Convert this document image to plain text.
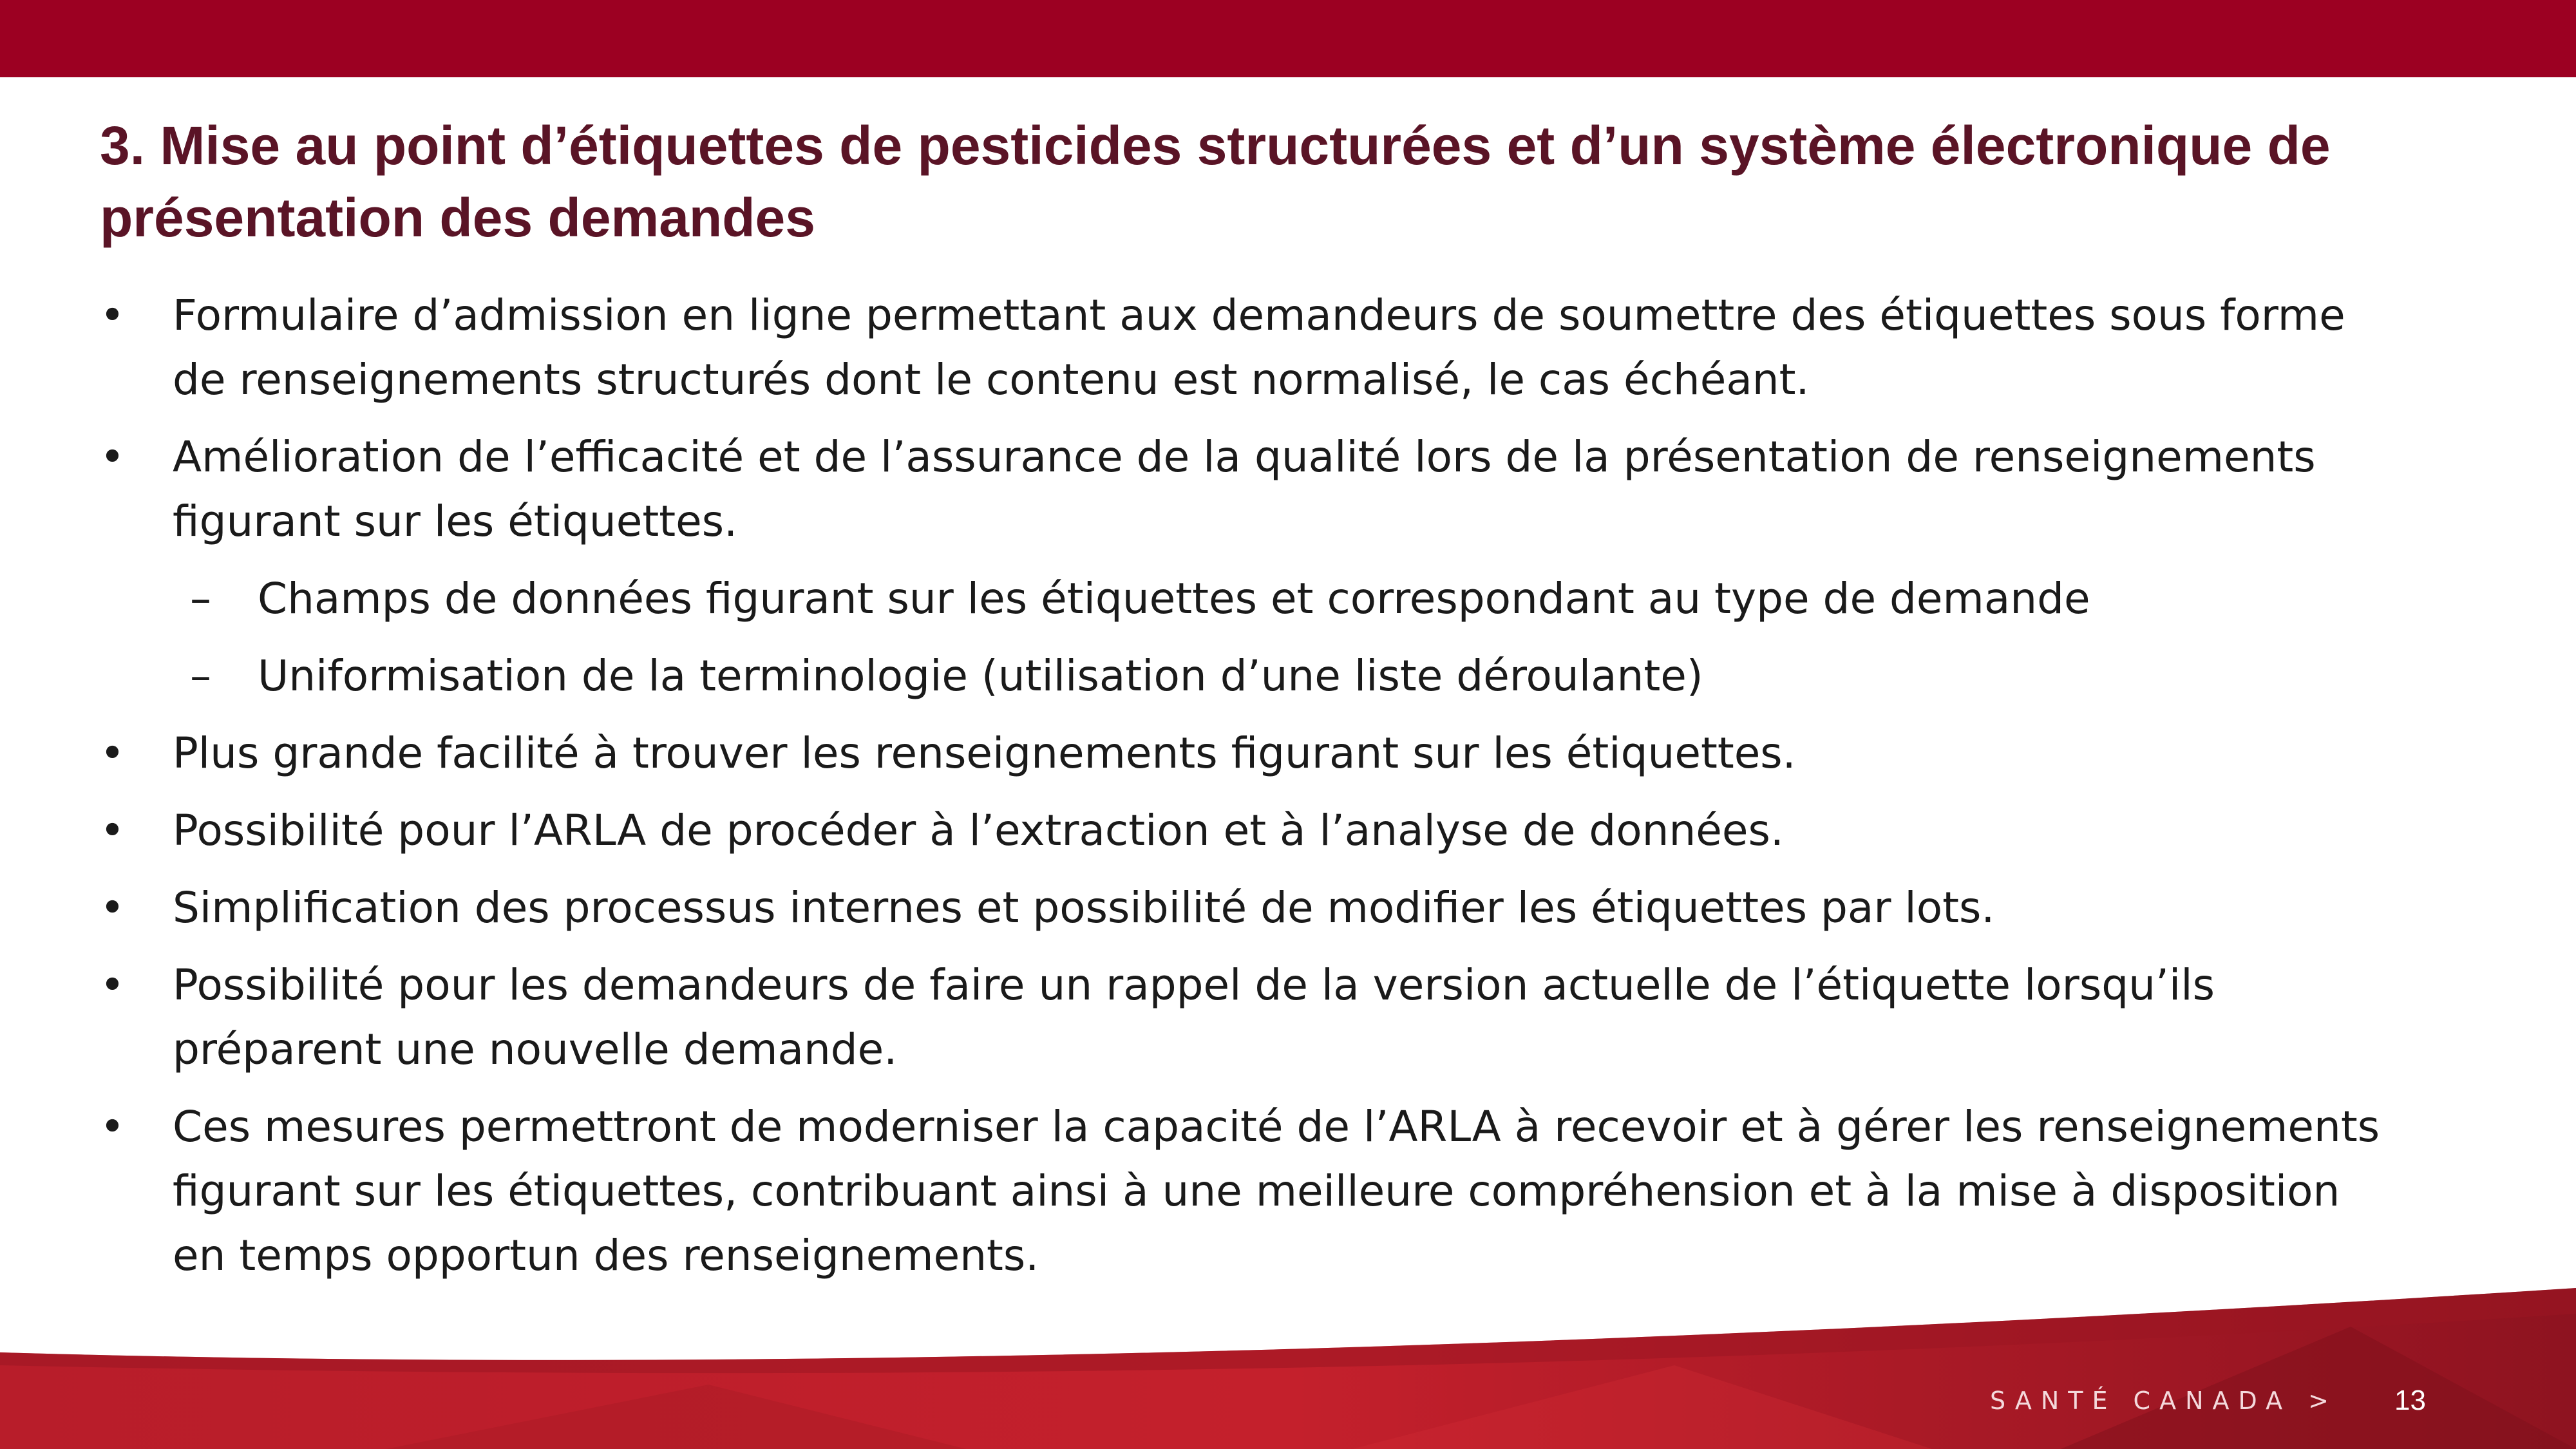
3. Mise au point d’étiquettes de pesticides structurées et d’un système électronique de présentation des demandes
•	Formulaire d’admission en ligne permettant aux demandeurs de soumettre des étiquettes sous forme de renseignements structurés dont le contenu est normalisé, le cas échéant.
•	Amélioration de l’efficacité et de l’assurance de la qualité lors de la présentation de renseignements figurant sur les étiquettes.
–	Champs de données figurant sur les étiquettes et correspondant au type de demande
–	Uniformisation de la terminologie (utilisation d’une liste déroulante)
•	Plus grande facilité à trouver les renseignements figurant sur les étiquettes.
•	Possibilité pour l’ARLA de procéder à l’extraction et à l’analyse de données.
•	Simplification des processus internes et possibilité de modifier les étiquettes par lots.
•	Possibilité pour les demandeurs de faire un rappel de la version actuelle de l’étiquette lorsqu’ils préparent une nouvelle demande.
•	Ces mesures permettront de moderniser la capacité de l’ARLA à recevoir et à gérer les renseignements figurant sur les étiquettes, contribuant ainsi à une meilleure compréhension et à la mise à disposition en temps opportun des renseignements.
SANTÉ CANADA > 13
